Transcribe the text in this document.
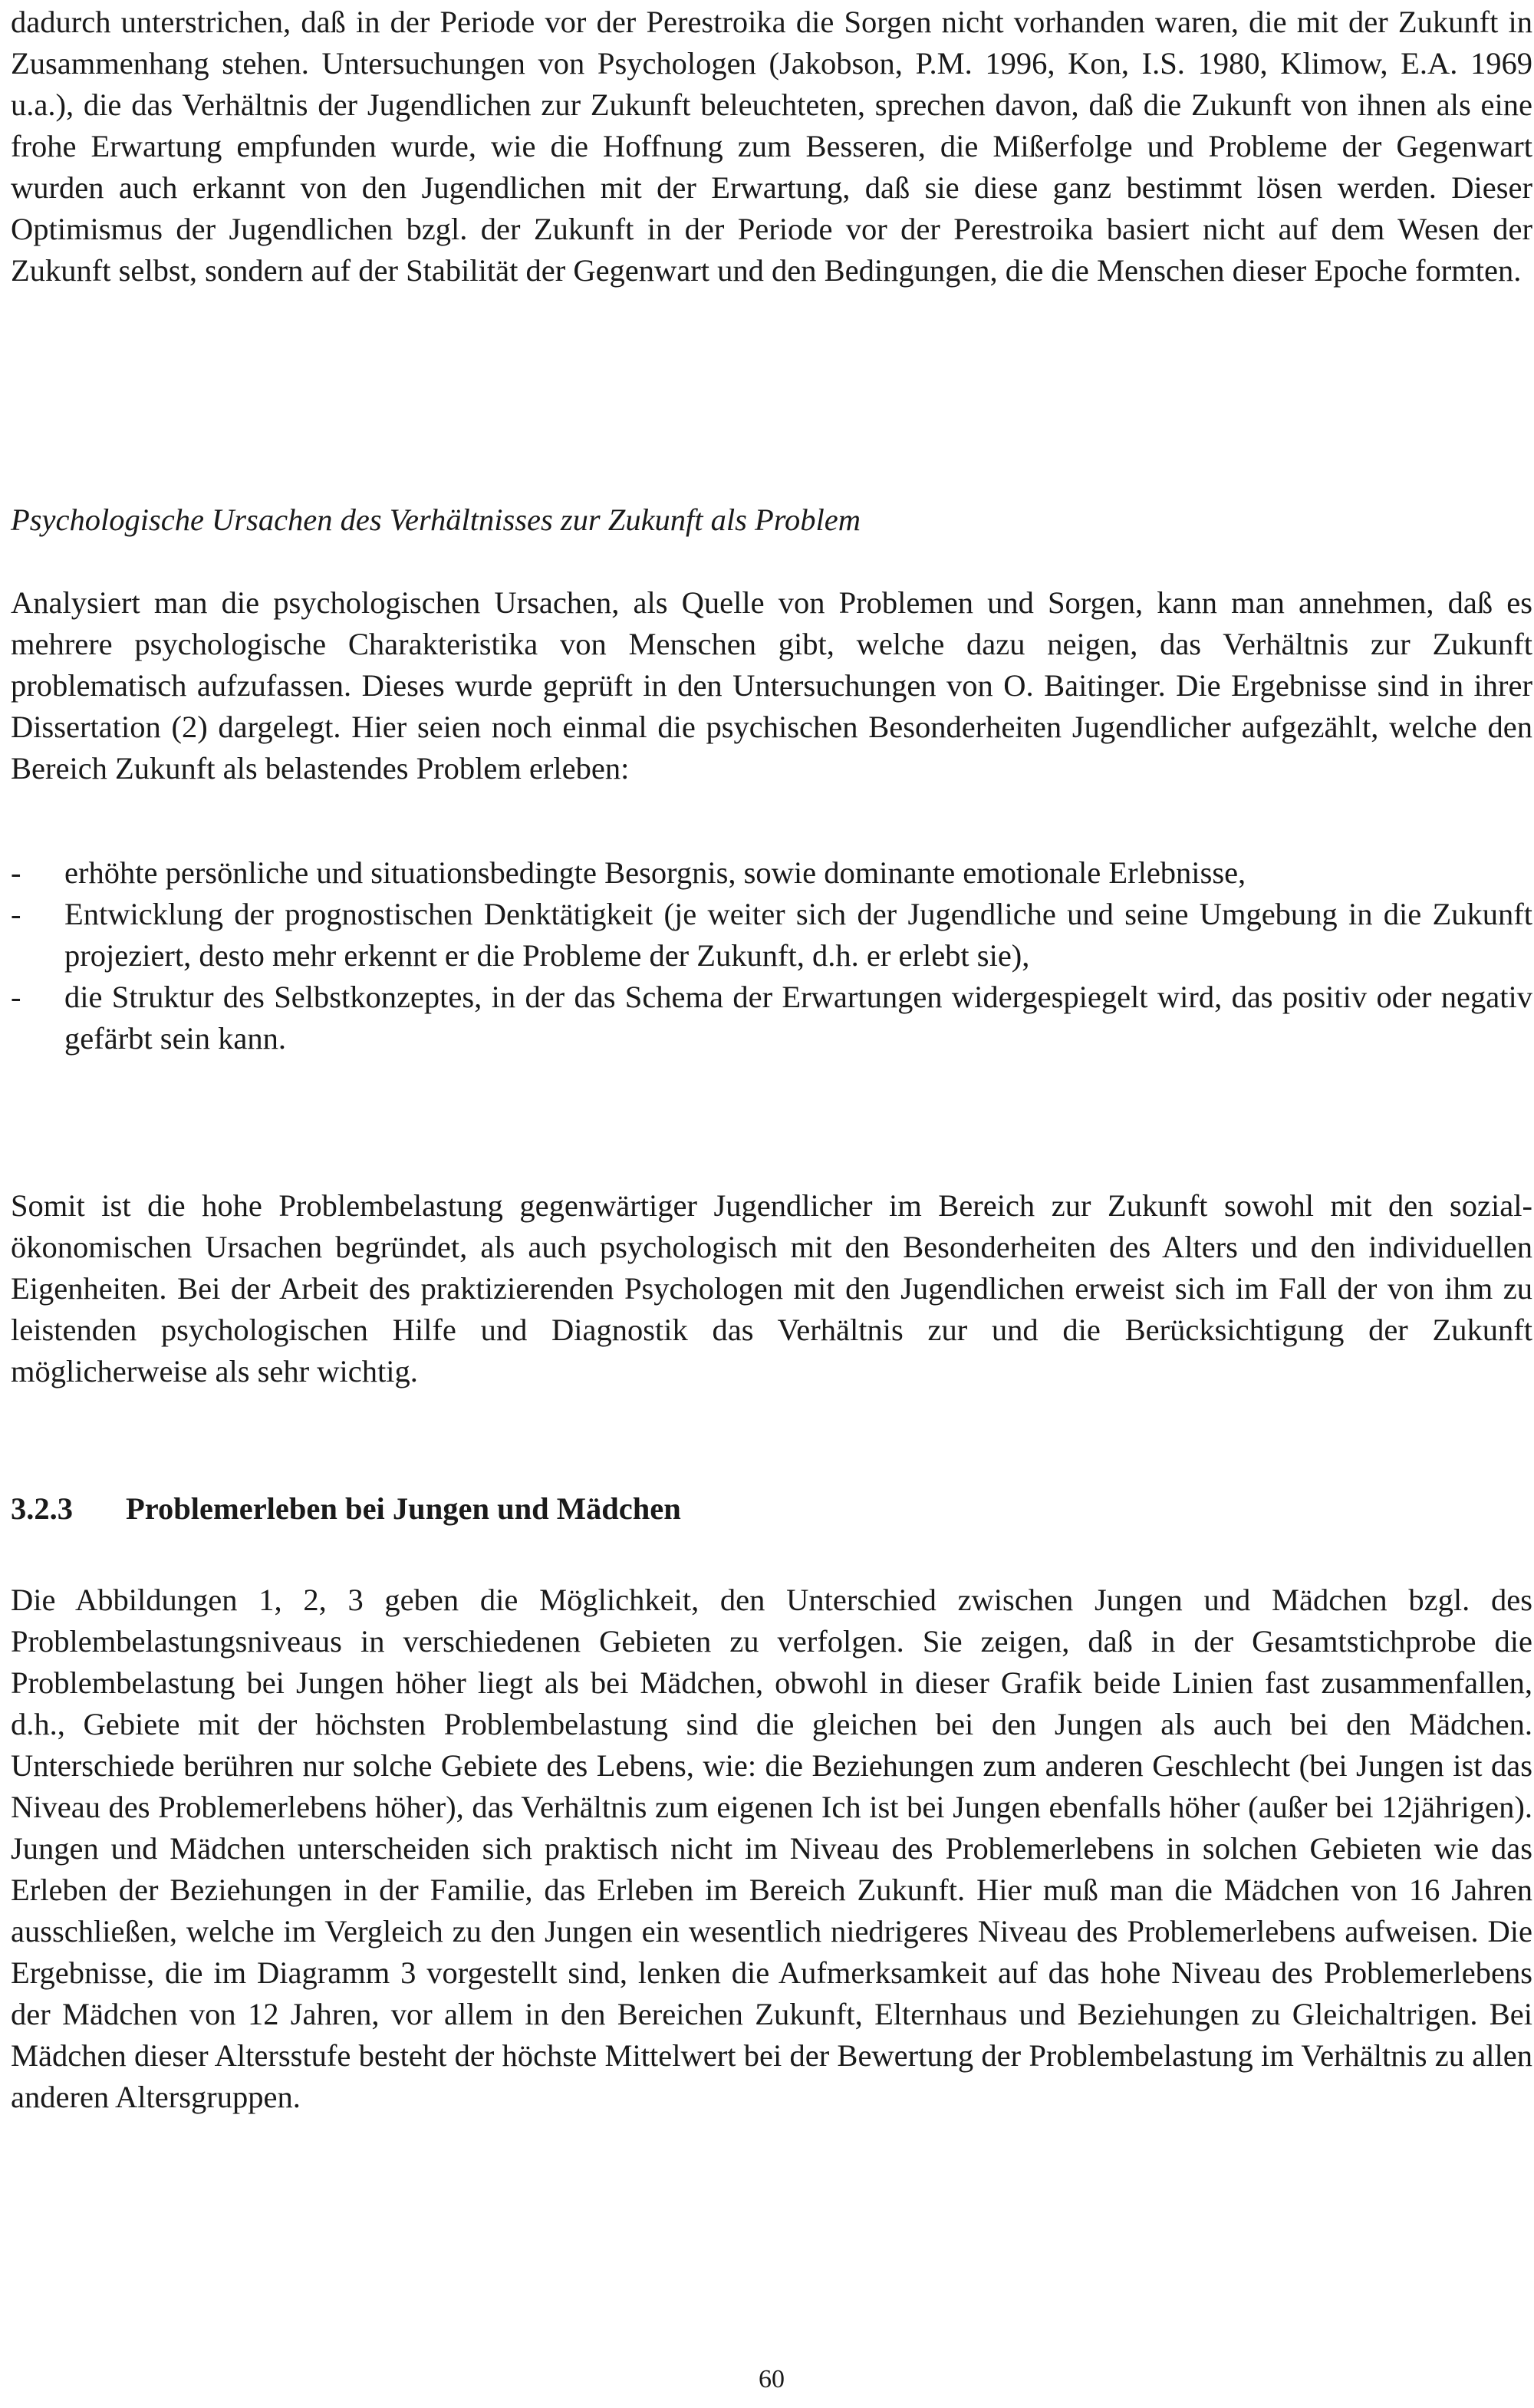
dadurch unterstrichen, daß in der Periode vor der Perestroika die Sorgen nicht vorhanden waren, die mit der Zukunft in Zusammenhang stehen. Untersuchungen von Psychologen (Jakobson, P.M. 1996, Kon, I.S. 1980, Klimow, E.A. 1969 u.a.), die das Verhältnis der Jugendlichen zur Zukunft beleuchteten, sprechen davon, daß die Zukunft von ihnen als eine frohe Erwartung empfunden wurde, wie die Hoffnung zum Besseren, die Mißerfolge und Probleme der Gegenwart wurden auch erkannt von den Jugendlichen mit der Erwartung, daß sie diese ganz bestimmt lösen werden. Dieser Optimismus der Jugendlichen bzgl. der Zukunft in der Periode vor der Perestroika basiert nicht auf dem Wesen der Zukunft selbst, sondern auf der Stabilität der Gegenwart und den Bedingungen, die die Menschen dieser Epoche formten.

Psychologische Ursachen des Verhältnisses zur Zukunft als Problem

Analysiert man die psychologischen Ursachen, als Quelle von Problemen und Sorgen, kann man annehmen, daß es mehrere psychologische Charakteristika von Menschen gibt, welche dazu neigen, das Verhältnis zur Zukunft problematisch aufzufassen. Dieses wurde geprüft in den Untersuchungen von O. Baitinger. Die Ergebnisse sind in ihrer Dissertation (2) dargelegt. Hier seien noch einmal die psychischen Besonderheiten Jugendlicher aufgezählt, welche den Bereich Zukunft als belastendes Problem erleben:

- erhöhte persönliche und situationsbedingte Besorgnis, sowie dominante emotionale Erlebnisse,
- Entwicklung der prognostischen Denktätigkeit (je weiter sich der Jugendliche und seine Umgebung in die Zukunft projeziert, desto mehr erkennt er die Probleme der Zukunft, d.h. er erlebt sie),
- die Struktur des Selbstkonzeptes, in der das Schema der Erwartungen widergespiegelt wird, das positiv oder negativ gefärbt sein kann.

Somit ist die hohe Problembelastung gegenwärtiger Jugendlicher im Bereich zur Zukunft sowohl mit den sozial-ökonomischen Ursachen begründet, als auch psychologisch mit den Besonderheiten des Alters und den individuellen Eigenheiten. Bei der Arbeit des praktizierenden Psychologen mit den Jugendlichen erweist sich im Fall der von ihm zu leistenden psychologischen Hilfe und Diagnostik das Verhältnis zur und die Berücksichtigung der Zukunft möglicherweise als sehr wichtig.

3.2.3 Problemerleben bei Jungen und Mädchen

Die Abbildungen 1, 2, 3 geben die Möglichkeit, den Unterschied zwischen Jungen und Mädchen bzgl. des Problembelastungsniveaus in verschiedenen Gebieten zu verfolgen. Sie zeigen, daß in der Gesamtstichprobe die Problembelastung bei Jungen höher liegt als bei Mädchen, obwohl in dieser Grafik beide Linien fast zusammenfallen, d.h., Gebiete mit der höchsten Problembelastung sind die gleichen bei den Jungen als auch bei den Mädchen. Unterschiede berühren nur solche Gebiete des Lebens, wie: die Beziehungen zum anderen Geschlecht (bei Jungen ist das Niveau des Problemerlebens höher), das Verhältnis zum eigenen Ich ist bei Jungen ebenfalls höher (außer bei 12jährigen). Jungen und Mädchen unterscheiden sich praktisch nicht im Niveau des Problemerlebens in solchen Gebieten wie das Erleben der Beziehungen in der Familie, das Erleben im Bereich Zukunft. Hier muß man die Mädchen von 16 Jahren ausschließen, welche im Vergleich zu den Jungen ein wesentlich niedrigeres Niveau des Problemerlebens aufweisen. Die Ergebnisse, die im Diagramm 3 vorgestellt sind, lenken die Aufmerksamkeit auf das hohe Niveau des Problemerlebens der Mädchen von 12 Jahren, vor allem in den Bereichen Zukunft, Elternhaus und Beziehungen zu Gleichaltrigen. Bei Mädchen dieser Altersstufe besteht der höchste Mittelwert bei der Bewertung der Problembelastung im Verhältnis zu allen anderen Altersgruppen.

60
